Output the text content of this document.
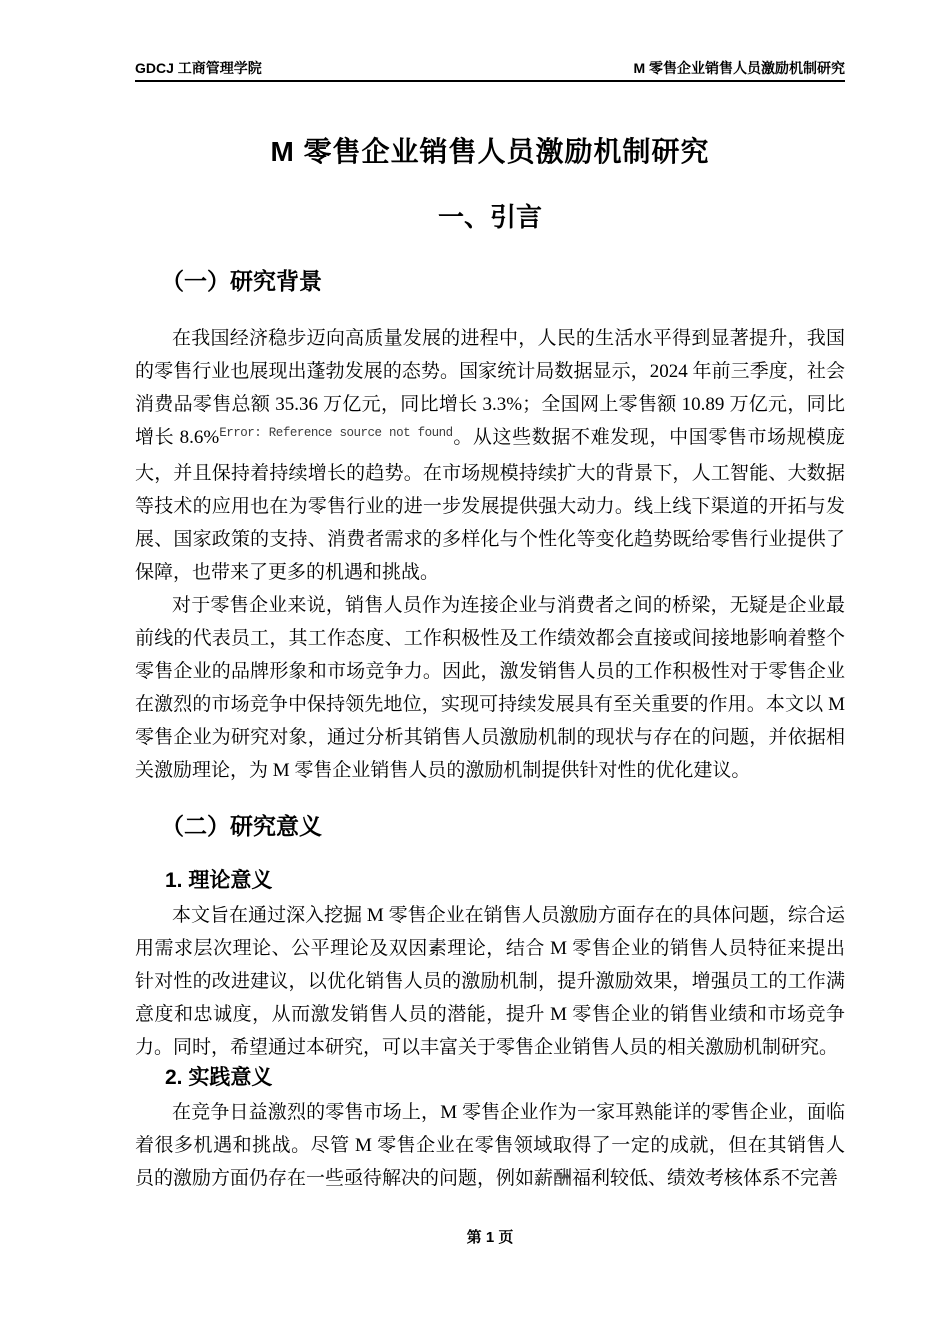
GDCJ 工商管理学院	M 零售企业销售人员激励机制研究
M 零售企业销售人员激励机制研究
一、引言
（一）研究背景

在我国经济稳步迈向高质量发展的进程中，人民的生活水平得到显著提升，我国的零售行业也展现出蓬勃发展的态势。国家统计局数据显示，2024 年前三季度，社会消费品零售总额 35.36 万亿元，同比增长 3.3%；全国网上零售额 10.89 万亿元，同比增长 8.6%$^{Error: Reference source not found}$。从这些数据不难发现，中国零售市场规模庞大，并且保持着持续增长的趋势。在市场规模持续扩大的背景下，人工智能、大数据等技术的应用也在为零售行业的进一步发展提供强大动力。线上线下渠道的开拓与发展、国家政策的支持、消费者需求的多样化与个性化等变化趋势既给零售行业提供了保障，也带来了更多的机遇和挑战。

对于零售企业来说，销售人员作为连接企业与消费者之间的桥梁，无疑是企业最前线的代表员工，其工作态度、工作积极性及工作绩效都会直接或间接地影响着整个零售企业的品牌形象和市场竞争力。因此，激发销售人员的工作积极性对于零售企业在激烈的市场竞争中保持领先地位，实现可持续发展具有至关重要的作用。本文以 M 零售企业为研究对象，通过分析其销售人员激励机制的现状与存在的问题，并依据相关激励理论，为 M 零售企业销售人员的激励机制提供针对性的优化建议。

（二）研究意义
1. 理论意义

本文旨在通过深入挖掘 M 零售企业在销售人员激励方面存在的具体问题，综合运用需求层次理论、公平理论及双因素理论，结合 M 零售企业的销售人员特征来提出针对性的改进建议，以优化销售人员的激励机制，提升激励效果，增强员工的工作满意度和忠诚度，从而激发销售人员的潜能，提升 M 零售企业的销售业绩和市场竞争力。同时，希望通过本研究，可以丰富关于零售企业销售人员的相关激励机制研究。

2. 实践意义

在竞争日益激烈的零售市场上，M 零售企业作为一家耳熟能详的零售企业，面临着很多机遇和挑战。尽管 M 零售企业在零售领域取得了一定的成就，但在其销售人员的激励方面仍存在一些亟待解决的问题，例如薪酬福利较低、绩效考核体系不完善

第 1 页
